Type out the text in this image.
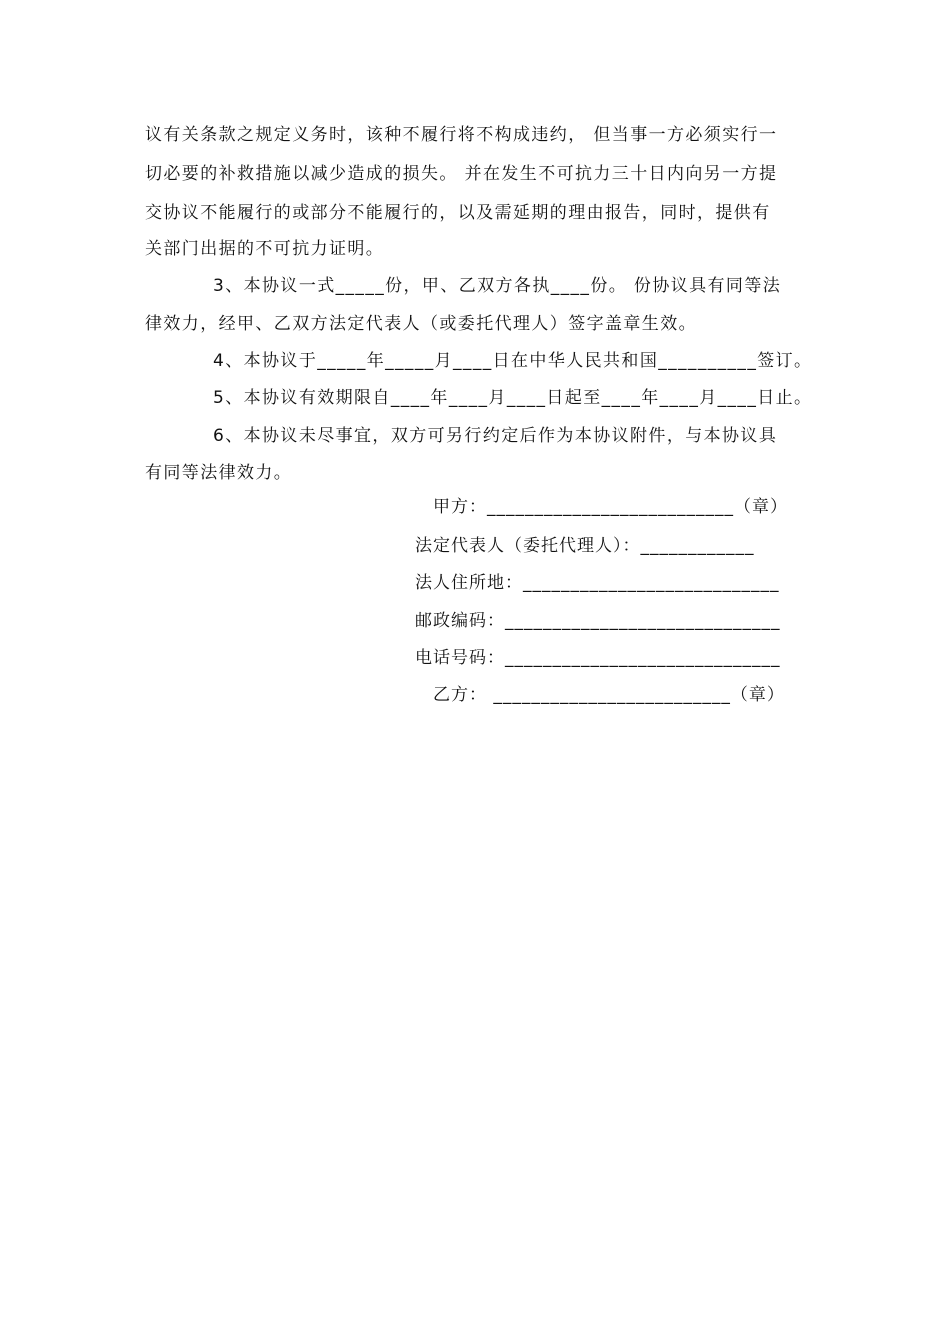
议有关条款之规定义务时，该种不履行将不构成违约， 但当事一方必须实行一
切必要的补救措施以减少造成的损失。 并在发生不可抗力三十日内向另一方提
交协议不能履行的或部分不能履行的，以及需延期的理由报告，同时，提供有
关部门出据的不可抗力证明。
3、本协议一式_____份，甲、乙双方各执____份。 份协议具有同等法
律效力，经甲、乙双方法定代表人（或委托代理人）签字盖章生效。
4、本协议于_____年_____月____日在中华人民共和国__________签订。
5、本协议有效期限自____年____月____日起至____年____月____日止。
6、本协议未尽事宜，双方可另行约定后作为本协议附件，与本协议具
有同等法律效力。
甲方：__________________________（章）
法定代表人（委托代理人）：____________
法人住所地：___________________________
邮政编码：_____________________________
电话号码：_____________________________
乙方： _________________________（章）
